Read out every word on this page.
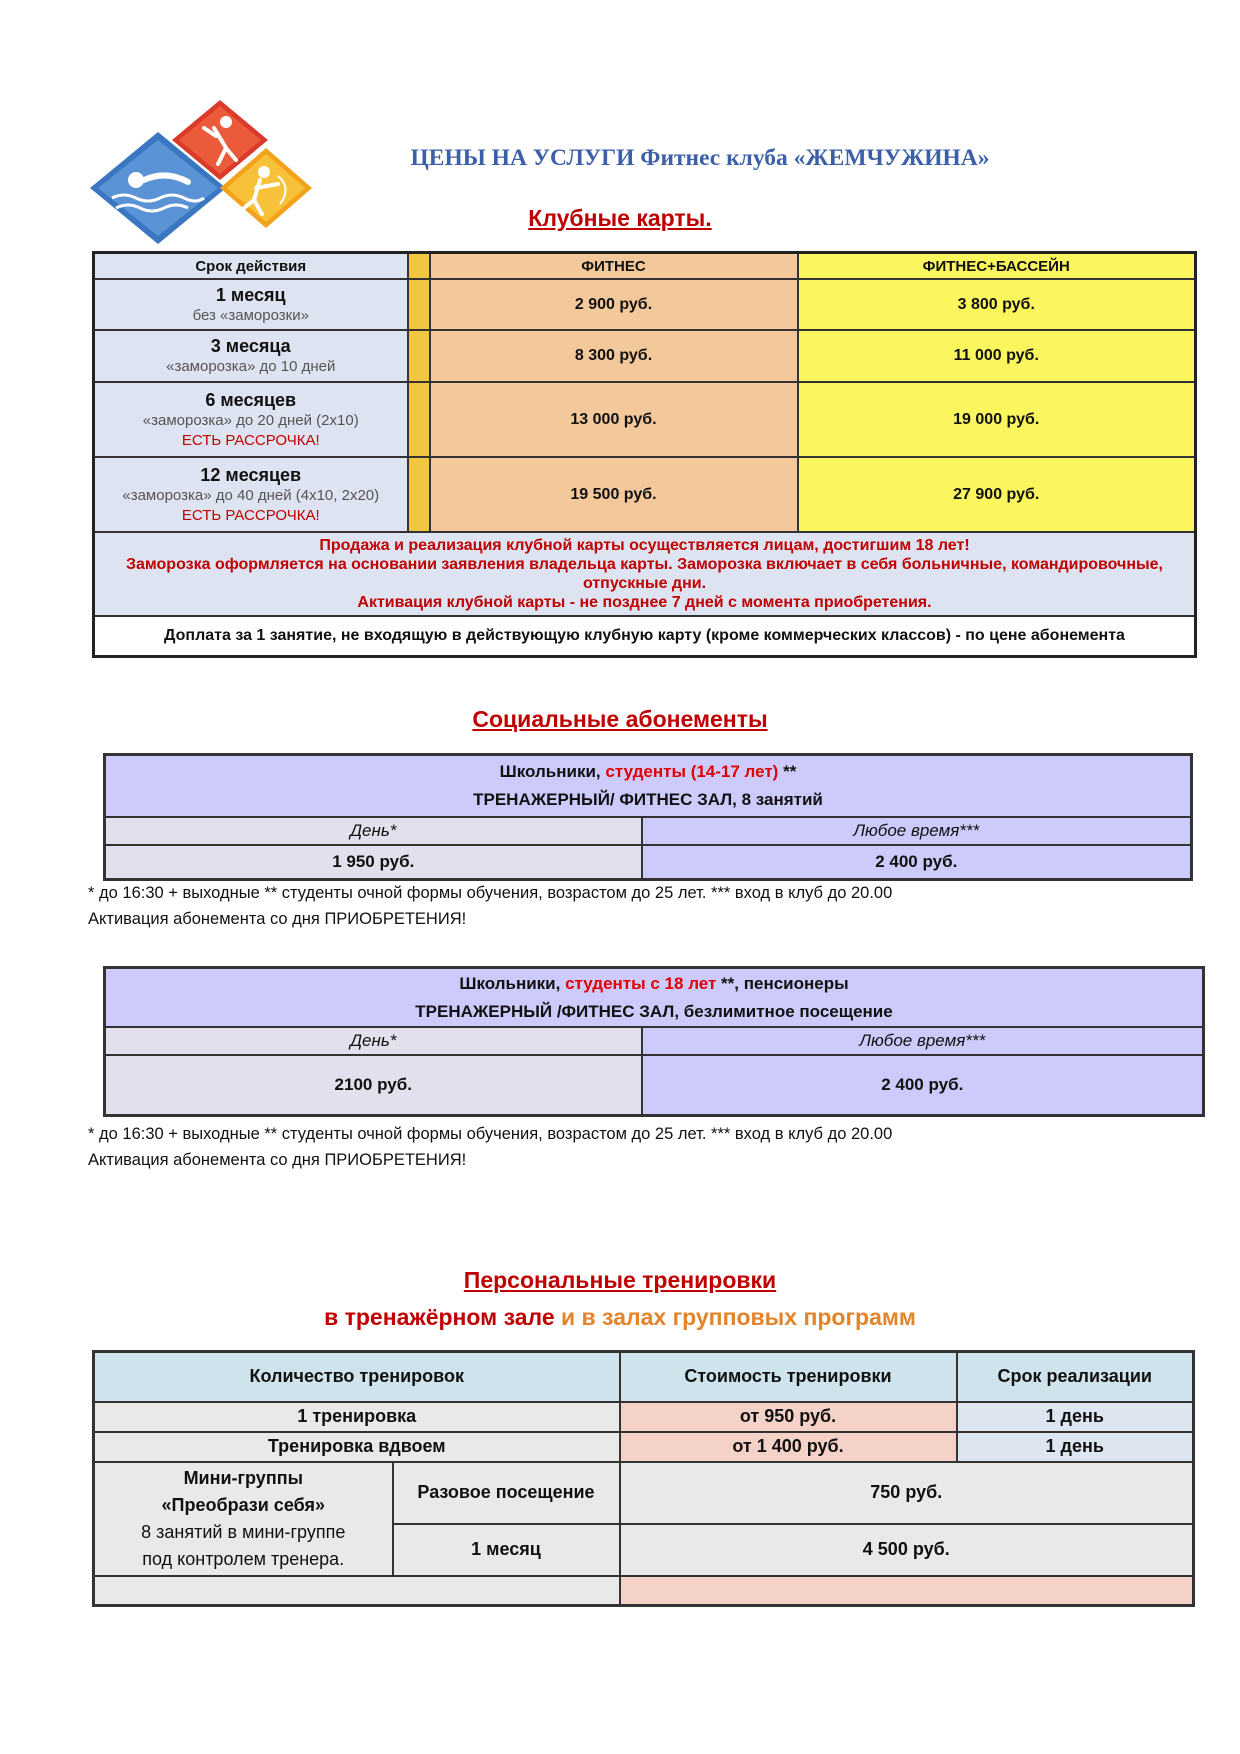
ЦЕНЫ НА УСЛУГИ Фитнес клуба «ЖЕМЧУЖИНА»
Клубные карты.
Срок действия		ФИТНЕС	ФИТНЕС+БАССЕЙН

1 месяц
без «заморозки»		2 900 руб.	3 800 руб.

3 месяца
«заморозка» до 10 дней		8 300 руб.	11 000 руб.

6 месяцев
«заморозка» до 20 дней (2х10)
ЕСТЬ РАССРОЧКА!		13 000 руб.	19 000 руб.

12 месяцев
«заморозка» до 40 дней (4х10, 2х20)
ЕСТЬ РАССРОЧКА!		19 500 руб.	27 900 руб.

Продажа и реализация клубной карты осуществляется лицам, достигшим 18 лет!
Заморозка оформляется на основании заявления владельца карты. Заморозка включает в себя больничные, командировочные, отпускные дни.
Активация клубной карты - не позднее 7 дней с момента приобретения.			

Доплата за 1 занятие, не входящую в действующую клубную карту (кроме коммерческих классов) - по цене абонемента			
Социальные абонементы
Школьники, студенты (14-17 лет) **
ТРЕНАЖЕРНЫЙ/ ФИТНЕС ЗАЛ, 8 занятий	

День*	Любое время***
1 950 руб.	2 400 руб.
* до 16:30 + выходные ** студенты очной формы обучения, возрастом до 25 лет. *** вход в клуб до 20.00
Активация абонемента со дня ПРИОБРЕТЕНИЯ!
Школьники, студенты с 18 лет **, пенсионеры
ТРЕНАЖЕРНЫЙ /ФИТНЕС ЗАЛ, безлимитное посещение	

День*	Любое время***
2100 руб.	2 400 руб.
* до 16:30 + выходные ** студенты очной формы обучения, возрастом до 25 лет. *** вход в клуб до 20.00
Активация абонемента со дня ПРИОБРЕТЕНИЯ!
Персональные тренировки
в тренажёрном зале и в залах групповых программ
Количество тренировок		Стоимость тренировки	Срок реализации
1 тренировка		от 950 руб.	1 день
Тренировка вдвоем		от 1 400 руб.	1 день

Мини-группы
«Преобрази себя»
8 занятий в мини-группе
под контролем тренера.	Разовое посещение	750 руб.	
	1 месяц	4 500 руб.	
